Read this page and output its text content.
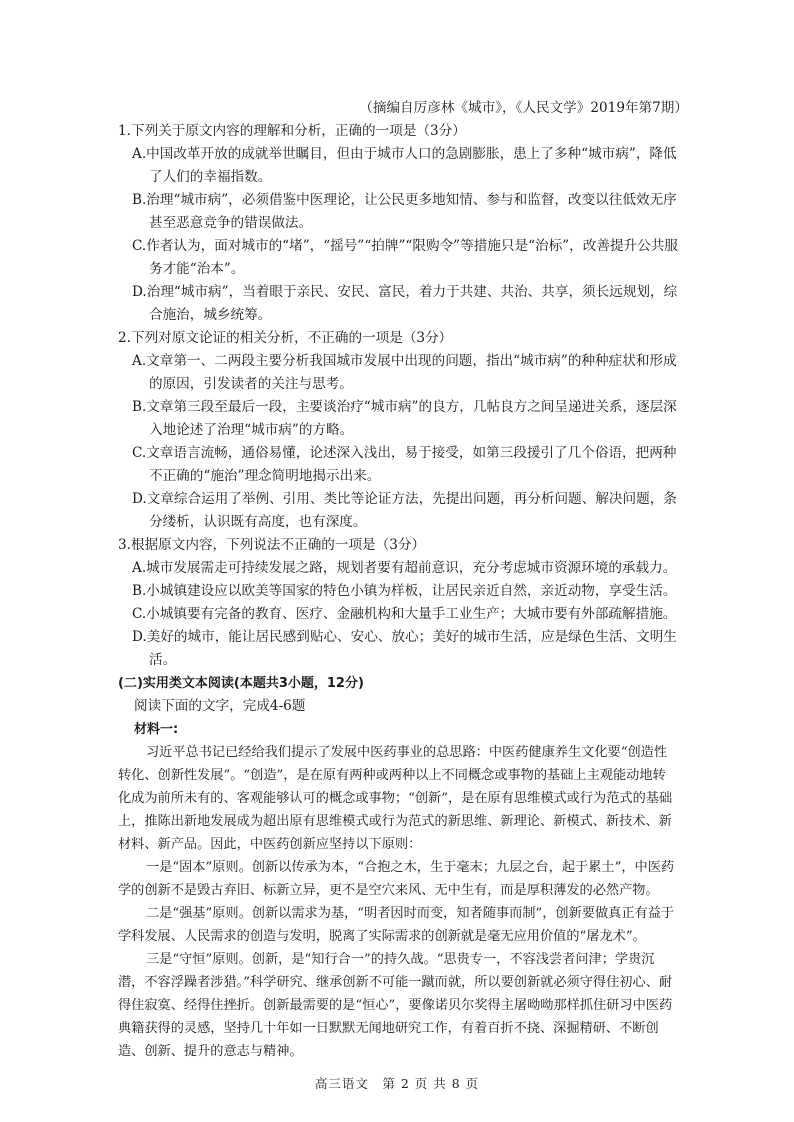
（摘编自厉彦林《城市》，《人民文学》2019年第7期）
1.下列关于原文内容的理解和分析，正确的一项是（3分）
A.中国改革开放的成就举世瞩目，但由于城市人口的急剧膨胀，患上了多种“城市病”，降低了人们的幸福指数。
B.治理“城市病”，必须借鉴中医理论，让公民更多地知情、参与和监督，改变以往低效无序甚至恶意竞争的错误做法。
C.作者认为，面对城市的“堵”，“摇号”“拍牌”“限购令”等措施只是“治标”，改善提升公共服务才能“治本”。
D.治理“城市病”，当着眼于亲民、安民、富民，着力于共建、共治、共享，须长远规划，综合施治，城乡统筹。
2.下列对原文论证的相关分析，不正确的一项是（3分）
A.文章第一、二两段主要分析我国城市发展中出现的问题，指出“城市病”的种种症状和形成的原因，引发读者的关注与思考。
B.文章第三段至最后一段，主要谈治疗“城市病”的良方，几帖良方之间呈递进关系，逐层深入地论述了治理“城市病”的方略。
C.文章语言流畅，通俗易懂，论述深入浅出，易于接受，如第三段援引了几个俗语，把两种不正确的“施治”理念简明地揭示出来。
D.文章综合运用了举例、引用、类比等论证方法，先提出问题，再分析问题、解决问题，条分缕析，认识既有高度，也有深度。
3.根据原文内容，下列说法不正确的一项是（3分）
A.城市发展需走可持续发展之路，规划者要有超前意识，充分考虑城市资源环境的承载力。
B.小城镇建设应以欧美等国家的特色小镇为样板，让居民亲近自然，亲近动物，享受生活。
C.小城镇要有完备的教育、医疗、金融机构和大量手工业生产；大城市要有外部疏解措施。
D.美好的城市，能让居民感到贴心、安心、放心；美好的城市生活，应是绿色生活、文明生活。
(二)实用类文本阅读(本题共3小题，12分)
阅读下面的文字，完成4-6题
材料一:
习近平总书记已经给我们提示了发展中医药事业的总思路：中医药健康养生文化要“创造性转化、创新性发展”。“创造”，是在原有两种或两种以上不同概念或事物的基础上主观能动地转化成为前所未有的、客观能够认可的概念或事物；“创新”，是在原有思维模式或行为范式的基础上，推陈出新地发展成为超出原有思维模式或行为范式的新思维、新理论、新模式、新技术、新材料、新产品。因此，中医药创新应坚持以下原则：
一是“固本”原则。创新以传承为本，“合抱之木，生于毫末；九层之台，起于累土”，中医药学的创新不是毁古弃旧、标新立异，更不是空穴来风、无中生有，而是厚积薄发的必然产物。
二是“强基”原则。创新以需求为基，“明者因时而变，知者随事而制”，创新要做真正有益于学科发展、人民需求的创造与发明，脱离了实际需求的创新就是毫无应用价值的“屠龙术”。
三是“守恒”原则。创新，是“知行合一”的持久战。“思贵专一，不容浅尝者问津；学贵沉潜，不容浮躁者涉猎。”科学研究、继承创新不可能一蹴而就，所以要创新就必须守得住初心、耐得住寂寞、经得住挫折。创新最需要的是“恒心”，要像诺贝尔奖得主屠呦呦那样抓住研习中医药典籍获得的灵感，坚持几十年如一日默默无闻地研究工作，有着百折不挠、深掘精研、不断创造、创新、提升的意志与精神。
高三语文　第 2 页 共 8 页
